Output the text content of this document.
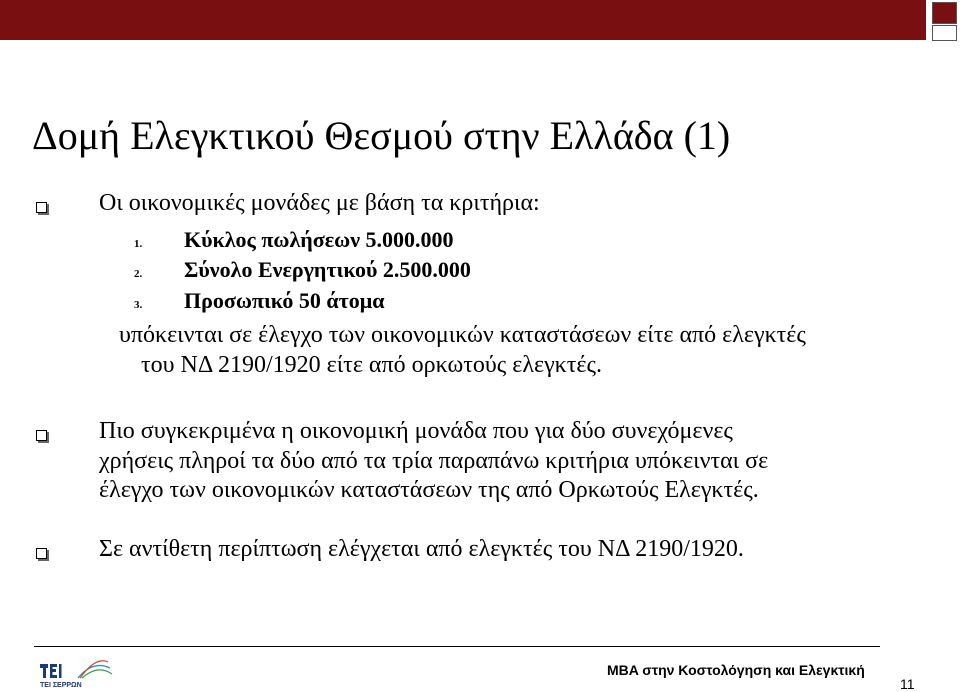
Δομή Ελεγκτικού Θεσμού στην Ελλάδα (1)
Οι οικονομικές μονάδες με βάση τα κριτήρια:
1. Κύκλος πωλήσεων 5.000.000
2. Σύνολο Ενεργητικού 2.500.000
3. Προσωπικό 50 άτομα
υπόκεινται σε έλεγχο των οικονομικών καταστάσεων είτε από ελεγκτές
του ΝΔ 2190/1920 είτε από ορκωτούς ελεγκτές.
Πιο συγκεκριμένα η οικονομική μονάδα που για δύο συνεχόμενες
χρήσεις πληροί τα δύο από τα τρία παραπάνω κριτήρια υπόκεινται σε
έλεγχο των οικονομικών καταστάσεων της από Ορκωτούς Ελεγκτές.
Σε αντίθετη περίπτωση ελέγχεται από ελεγκτές του ΝΔ 2190/1920.
ΤΕΙ ΣΕΡΡΩΝ
MBA στην Κοστολόγηση και Ελεγκτική
11
